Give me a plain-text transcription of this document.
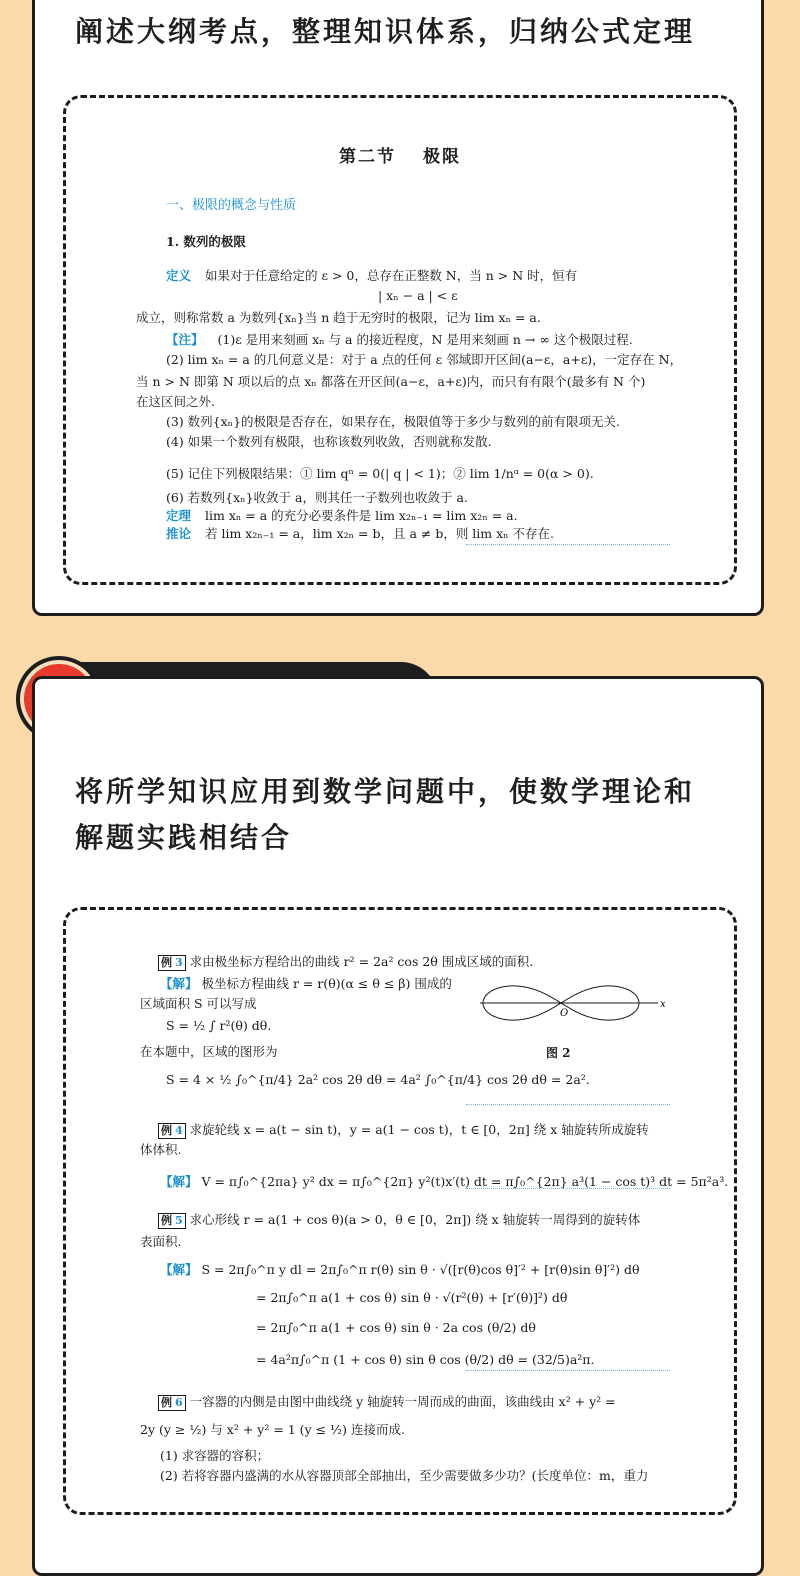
阐述大纲考点，整理知识体系，归纳公式定理
第二节　 极限
一、极限的概念与性质
1. 数列的极限
定义 如果对于任意给定的 ε > 0，总存在正整数 N，当 n > N 时，恒有
| xₙ − a | < ε
成立，则称常数 a 为数列{xₙ}当 n 趋于无穷时的极限，记为 lim xₙ = a.
【注】 (1)ε 是用来刻画 xₙ 与 a 的接近程度，N 是用来刻画 n → ∞ 这个极限过程.
(2) lim xₙ = a 的几何意义是：对于 a 点的任何 ε 邻域即开区间(a−ε，a+ε)，一定存在 N，
当 n > N 即第 N 项以后的点 xₙ 都落在开区间(a−ε，a+ε)内，而只有有限个(最多有 N 个)
在这区间之外.
(3) 数列{xₙ}的极限是否存在，如果存在，极限值等于多少与数列的前有限项无关.
(4) 如果一个数列有极限，也称该数列收敛，否则就称发散.
(5) 记住下列极限结果：① lim qⁿ = 0(| q | < 1)；② lim 1/nᵅ = 0(α > 0).
(6) 若数列{xₙ}收敛于 a，则其任一子数列也收敛于 a.
定理 lim xₙ = a 的充分必要条件是 lim x₂ₙ₋₁ = lim x₂ₙ = a.
推论 若 lim x₂ₙ₋₁ = a，lim x₂ₙ = b，且 a ≠ b，则 lim xₙ 不存在.
将所学知识应用到数学问题中，使数学理论和
解题实践相结合
例 3 求由极坐标方程给出的曲线 r² = 2a² cos 2θ 围成区域的面积.
【解】 极坐标方程曲线 r = r(θ)(α ≤ θ ≤ β) 围成的
区域面积 S 可以写成
S = ½ ∫ r²(θ) dθ.
在本题中，区域的图形为
S = 4 × ½ ∫₀^{π/4} 2a² cos 2θ dθ = 4a² ∫₀^{π/4} cos 2θ dθ = 2a².
例 4 求旋轮线 x = a(t − sin t)，y = a(1 − cos t)，t ∈ [0，2π] 绕 x 轴旋转所成旋转
体体积.
【解】 V = π∫₀^{2πa} y² dx = π∫₀^{2π} y²(t)x′(t) dt = π∫₀^{2π} a³(1 − cos t)³ dt = 5π²a³.
例 5 求心形线 r = a(1 + cos θ)(a > 0，θ ∈ [0，2π]) 绕 x 轴旋转一周得到的旋转体
表面积.
【解】 S = 2π∫₀^π y dl = 2π∫₀^π r(θ) sin θ · √([r(θ)cos θ]′² + [r(θ)sin θ]′²) dθ
= 2π∫₀^π a(1 + cos θ) sin θ · √(r²(θ) + [r′(θ)]²) dθ
= 2π∫₀^π a(1 + cos θ) sin θ · 2a cos (θ/2) dθ
= 4a²π∫₀^π (1 + cos θ) sin θ cos (θ/2) dθ = (32/5)a²π.
例 6 一容器的内侧是由图中曲线绕 y 轴旋转一周而成的曲面，该曲线由 x² + y² =
2y (y ≥ ½) 与 x² + y² = 1 (y ≤ ½) 连接而成.
(1) 求容器的容积；
(2) 若将容器内盛满的水从容器顶部全部抽出，至少需要做多少功？(长度单位：m，重力
x
O
图 2
